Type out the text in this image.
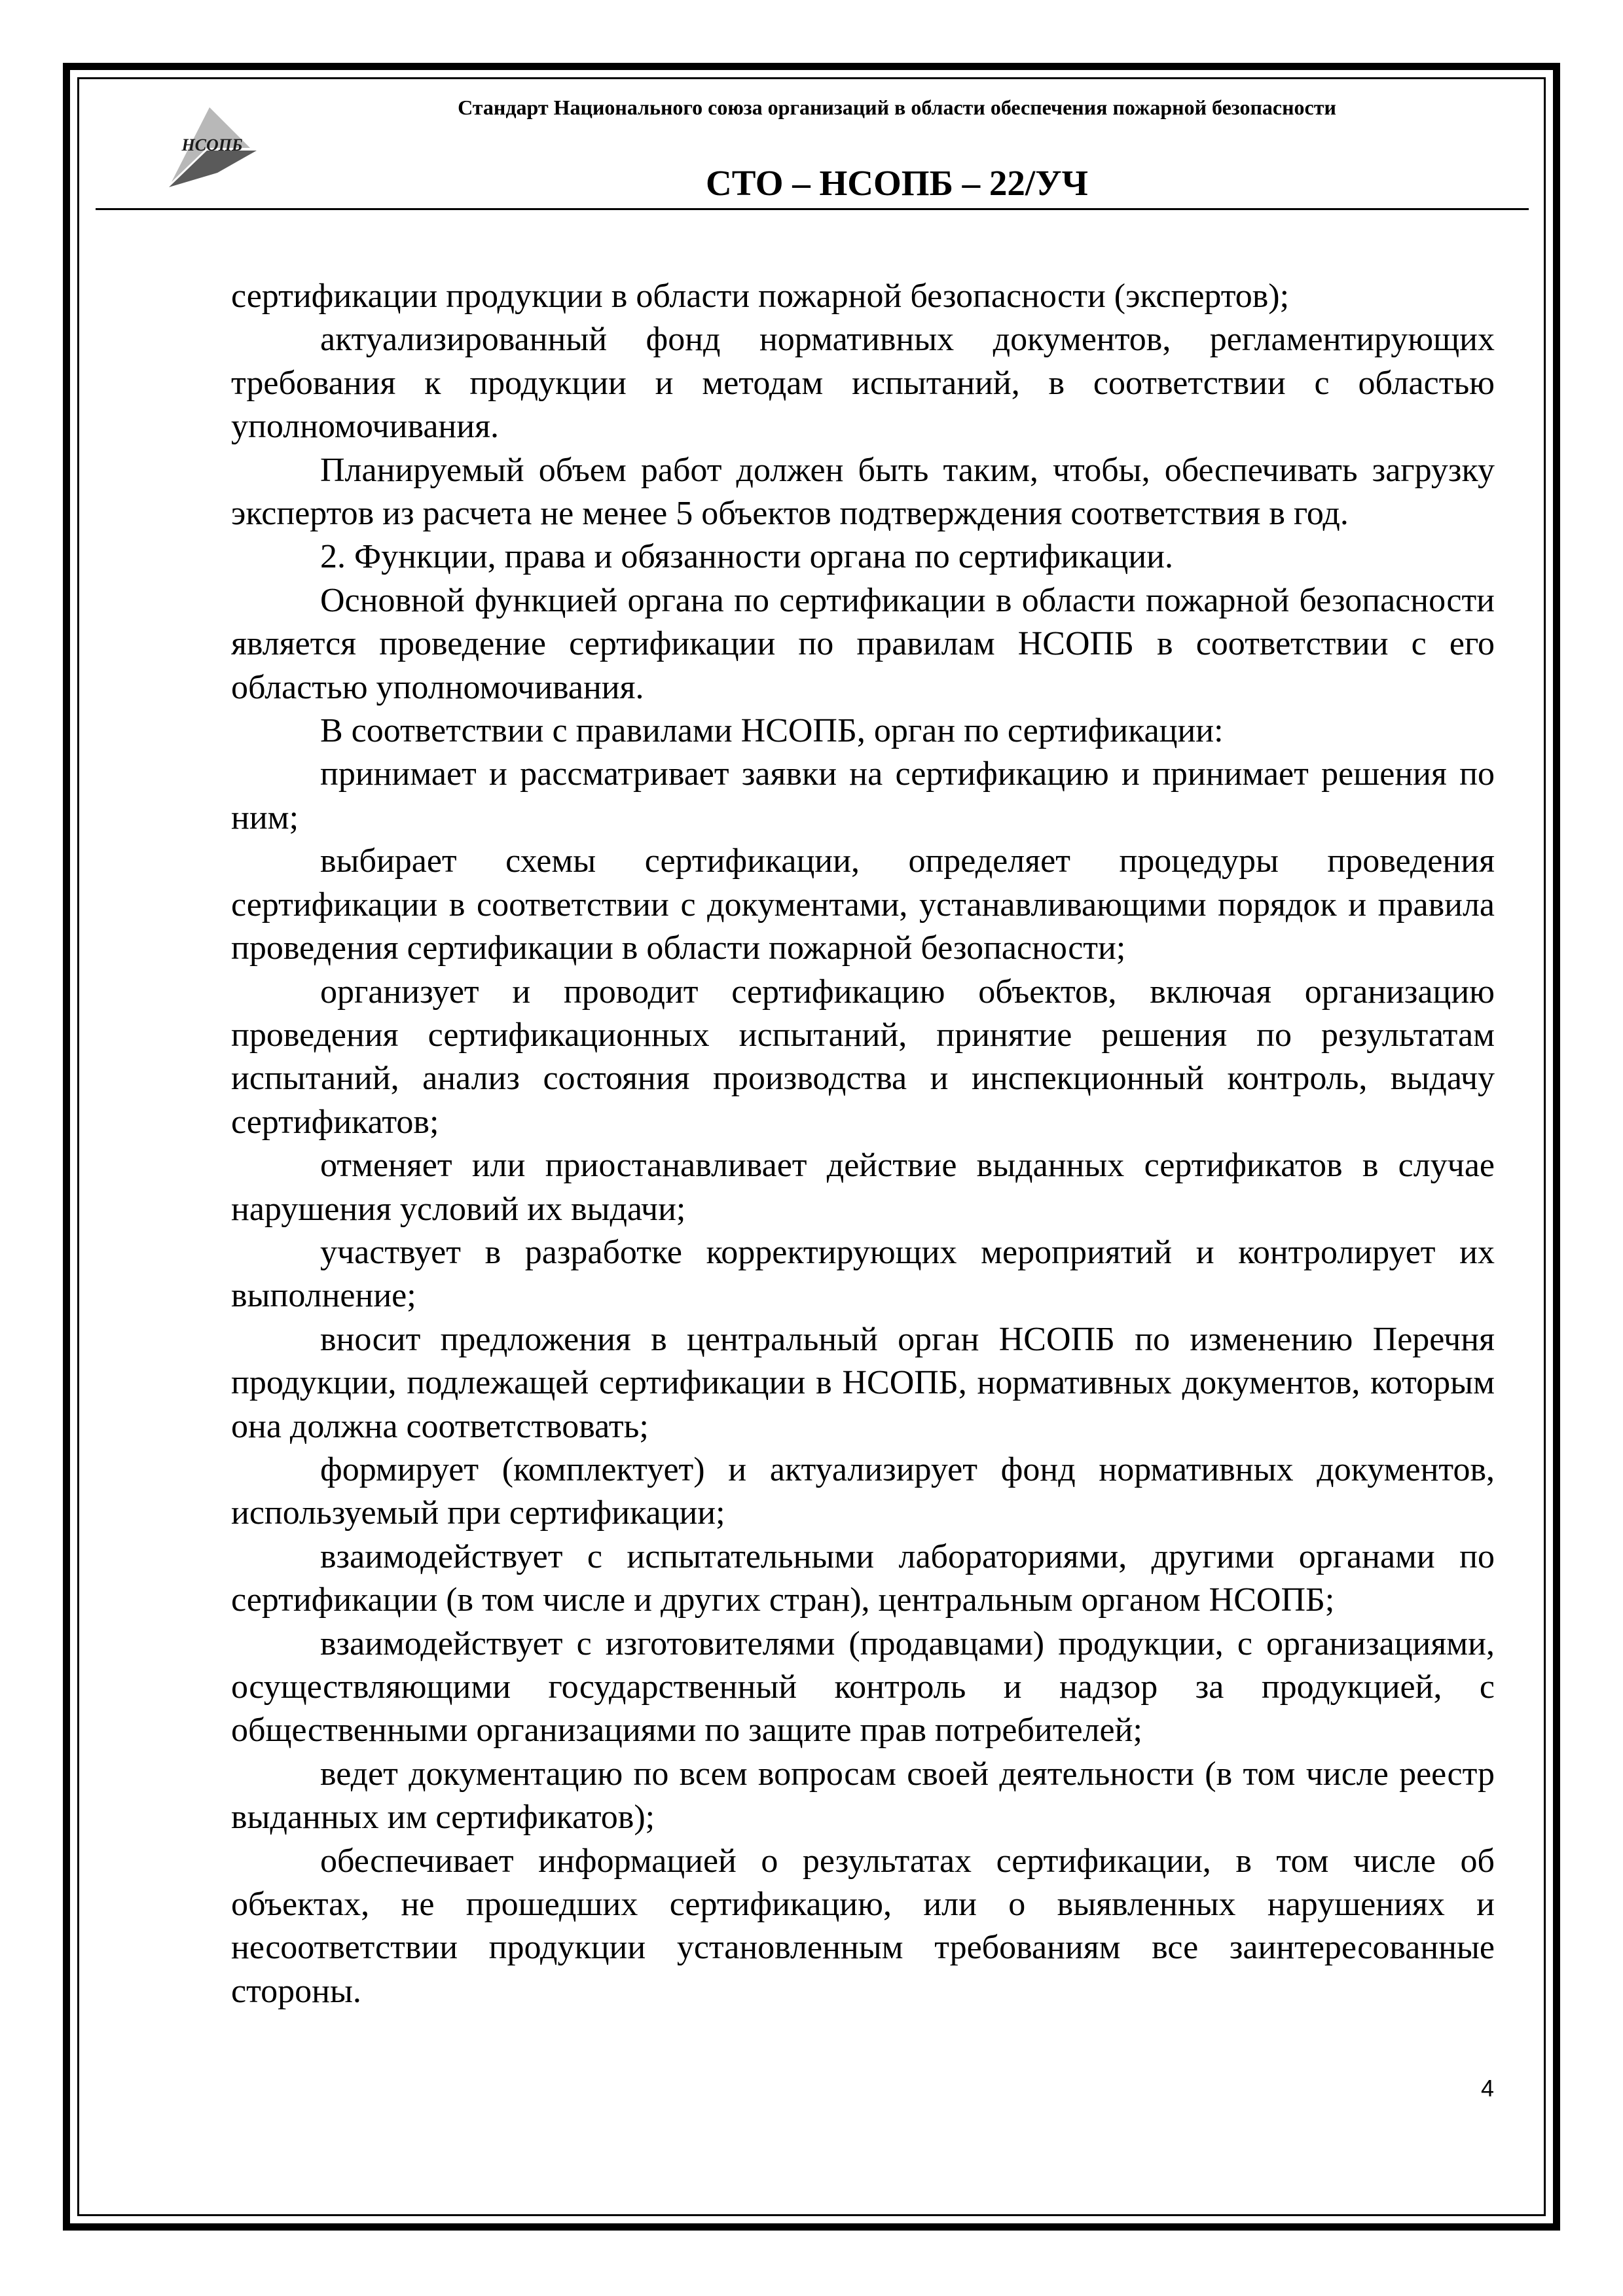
НСОПБ
Стандарт Национального союза организаций в области обеспечения пожарной безопасности
СТО – НСОПБ – 22/УЧ

сертификации продукции в области пожарной безопасности (экспертов);

актуализированный фонд нормативных документов, регламентирующих требования к продукции и методам испытаний, в соответствии с областью уполномочивания.

Планируемый объем работ должен быть таким, чтобы, обеспечивать загрузку экспертов из расчета не менее 5 объектов подтверждения соответствия в год.

2. Функции, права и обязанности органа по сертификации.

Основной функцией органа по сертификации в области пожарной безопасности является проведение сертификации по правилам НСОПБ в соответствии с его областью уполномочивания.

В соответствии с правилами НСОПБ, орган по сертификации:

принимает и рассматривает заявки на сертификацию и принимает решения по ним;

выбирает схемы сертификации, определяет процедуры проведения сертификации в соответствии с документами, устанавливающими порядок и правила проведения сертификации в области пожарной безопасности;

организует и проводит сертификацию объектов, включая организацию проведения сертификационных испытаний, принятие решения по результатам испытаний, анализ состояния производства и инспекционный контроль, выдачу сертификатов;

отменяет или приостанавливает действие выданных сертификатов в случае нарушения условий их выдачи;

участвует в разработке корректирующих мероприятий и контролирует их выполнение;

вносит предложения в центральный орган НСОПБ по изменению Перечня продукции, подлежащей сертификации в НСОПБ, нормативных документов, которым она должна соответствовать;

формирует (комплектует) и актуализирует фонд нормативных документов, используемый при сертификации;

взаимодействует с испытательными лабораториями, другими органами по сертификации (в том числе и других стран), центральным органом НСОПБ;

взаимодействует с изготовителями (продавцами) продукции, с организациями, осуществляющими государственный контроль и надзор за продукцией, с общественными организациями по защите прав потребителей;

ведет документацию по всем вопросам своей деятельности (в том числе реестр выданных им сертификатов);

обеспечивает информацией о результатах сертификации, в том числе об объектах, не прошедших сертификацию, или о выявленных нарушениях и несоответствии продукции установленным требованиям все заинтересованные стороны.

4
